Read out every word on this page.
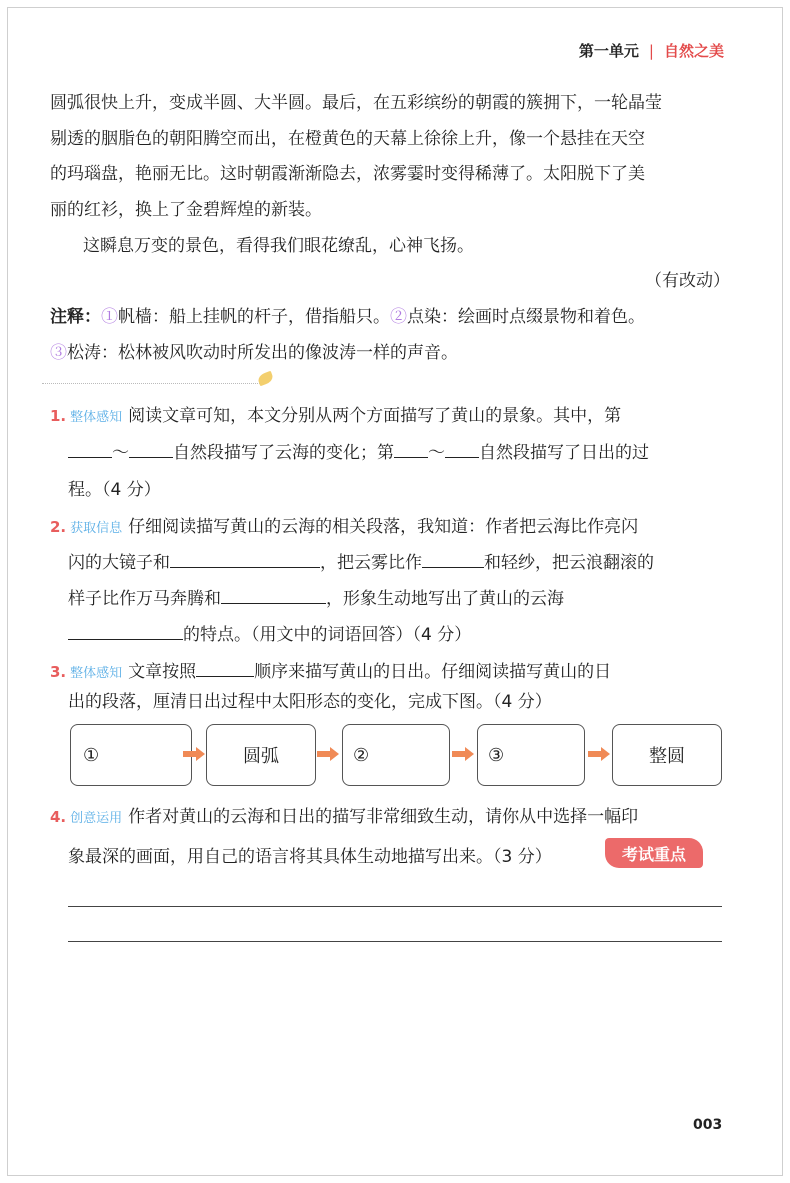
第一单元 | 自然之美
圆弧很快上升，变成半圆、大半圆。最后，在五彩缤纷的朝霞的簇拥下，一轮晶莹
剔透的胭脂色的朝阳腾空而出，在橙黄色的天幕上徐徐上升，像一个悬挂在天空
的玛瑙盘，艳丽无比。这时朝霞渐渐隐去，浓雾霎时变得稀薄了。太阳脱下了美
丽的红衫，换上了金碧辉煌的新装。
这瞬息万变的景色，看得我们眼花缭乱，心神飞扬。
（有改动）
注释：①帆樯：船上挂帆的杆子，借指船只。②点染：绘画时点缀景物和着色。
③松涛：松林被风吹动时所发出的像波涛一样的声音。
1. 整体感知 阅读文章可知，本文分别从两个方面描写了黄山的景象。其中，第
～	自然段描写了云海的变化；第 ～ 自然段描写了日出的过
程。（4 分）
2. 获取信息 仔细阅读描写黄山的云海的相关段落，我知道：作者把云海比作亮闪
闪的大镜子和	，把云雾比作	和轻纱，把云浪翻滚的
样子比作万马奔腾和	，形象生动地写出了黄山的云海
的特点。（用文中的词语回答）（4 分）
3. 整体感知 文章按照	顺序来描写黄山的日出。仔细阅读描写黄山的日
出的段落，厘清日出过程中太阳形态的变化，完成下图。（4 分）
①	圆弧	②	③	整圆
4. 创意运用 作者对黄山的云海和日出的描写非常细致生动，请你从中选择一幅印
象最深的画面，用自己的语言将其具体生动地描写出来。（3 分）	考试重点
003
